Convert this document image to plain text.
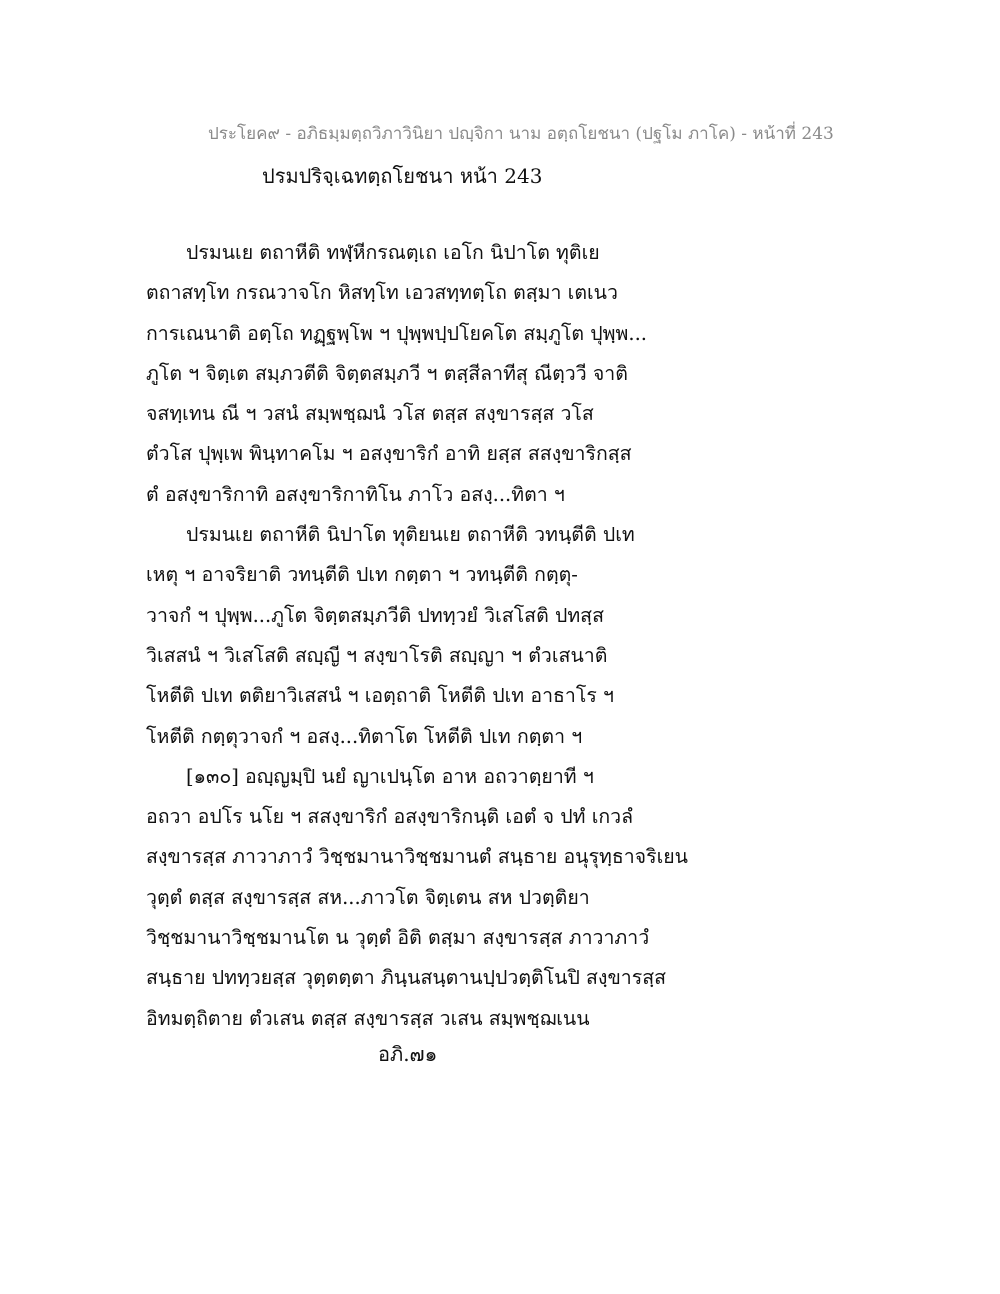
ประโยค๙ - อภิธมฺมตฺถวิภาวินิยา ปญฺจิกา นาม อตฺถโยชนา (ปฐโม ภาโค) - หน้าที่ 243
ปรมปริจฺเฉทตฺถโยชนา หน้า 243
ปรมนเย ตถาหีติ ทฬฺหีกรณตฺเถ เอโก นิปาโต ทุติเย
ตถาสทฺโท กรณวาจโก หิสทฺโท เอวสทฺทตฺโถ ตสฺมา เตเนว
การเณนาติ อตฺโถ ทฏฺฐพฺโพ ฯ ปุพฺพปฺปโยคโต สมฺภูโต ปุพฺพ...
ภูโต ฯ จิตฺเต สมฺภวตีติ จิตฺตสมฺภวี ฯ ตสฺสีลาทีสุ ณีตฺววี จาติ
จสทฺเทน ณี ฯ วสนํ สมฺพชฺฌนํ วโส ตสฺส สงฺขารสฺส วโส
ตํวโส ปุพฺเพ พินฺทาคโม ฯ อสงฺขาริกํ อาทิ ยสฺส สสงฺขาริกสฺส
ตํ อสงฺขาริกาทิ อสงฺขาริกาทิโน ภาโว อสงฺ...ทิตา ฯ
ปรมนเย ตถาหีติ นิปาโต ทุติยนเย ตถาหีติ วทนฺตีติ ปเท
เหตุ ฯ อาจริยาติ วทนฺตีติ ปเท กตฺตา ฯ วทนฺตีติ กตฺตุ-
วาจกํ ฯ ปุพฺพ...ภูโต จิตฺตสมฺภวีติ ปททฺวยํ วิเสโสติ ปทสฺส
วิเสสนํ ฯ วิเสโสติ สญฺญี ฯ สงฺขาโรติ สญฺญา ฯ ตํวเสนาติ
โหตีติ ปเท ตติยาวิเสสนํ ฯ เอตฺถาติ โหตีติ ปเท อาธาโร ฯ
โหตีติ กตฺตุวาจกํ ฯ อสงฺ...ทิตาโต โหตีติ ปเท กตฺตา ฯ
[๑๓๐] อญฺญมฺปิ นยํ ญาเปนฺโต อาห อถวาตฺยาที ฯ
อถวา อปโร นโย ฯ สสงฺขาริกํ อสงฺขาริกนฺติ เอตํ จ ปทํ เกวลํ
สงฺขารสฺส ภาวาภาวํ วิชฺชมานาวิชฺชมานตํ สนฺธาย อนุรุทฺธาจริเยน
วุตฺตํ ตสฺส สงฺขารสฺส สห...ภาวโต จิตฺเตน สห ปวตฺติยา
วิชฺชมานาวิชฺชมานโต น วุตฺตํ อิติ ตสฺมา สงฺขารสฺส ภาวาภาวํ
สนฺธาย ปททฺวยสฺส วุตฺตตฺตา ภินฺนสนฺตานปฺปวตฺติโนปิ สงฺขารสฺส
อิทมตฺถิตาย ตํวเสน ตสฺส สงฺขารสฺส วเสน สมฺพชฺฌเนน
อภิ.๗๑
